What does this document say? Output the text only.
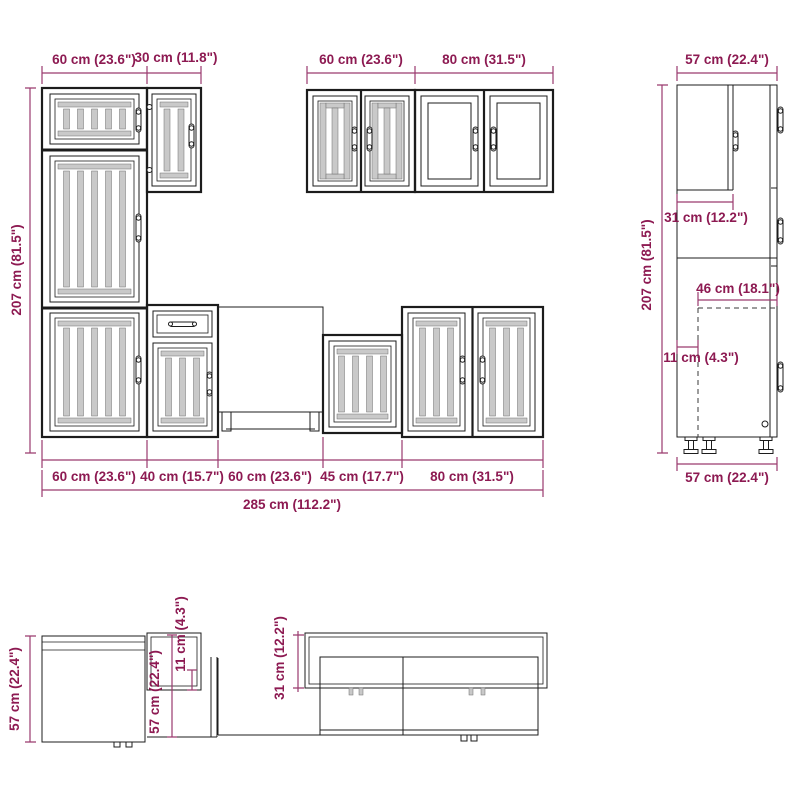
60 cm (23.6")
30 cm (11.8")	60 cm (23.6")	80 cm (31.5")
207 cm (81.5")
60 cm (23.6") 40 cm (15.7") 60 cm (23.6") 45 cm (17.7") 80 cm (31.5")
285 cm (112.2")
57 cm (22.4")
207 cm (81.5")
31 cm (12.2")
46 cm (18.1")
11 cm (4.3")
57 cm (22.4")
57 cm (22.4")	57 cm (22.4")
11 cm (4.3")	31 cm (12.2")
